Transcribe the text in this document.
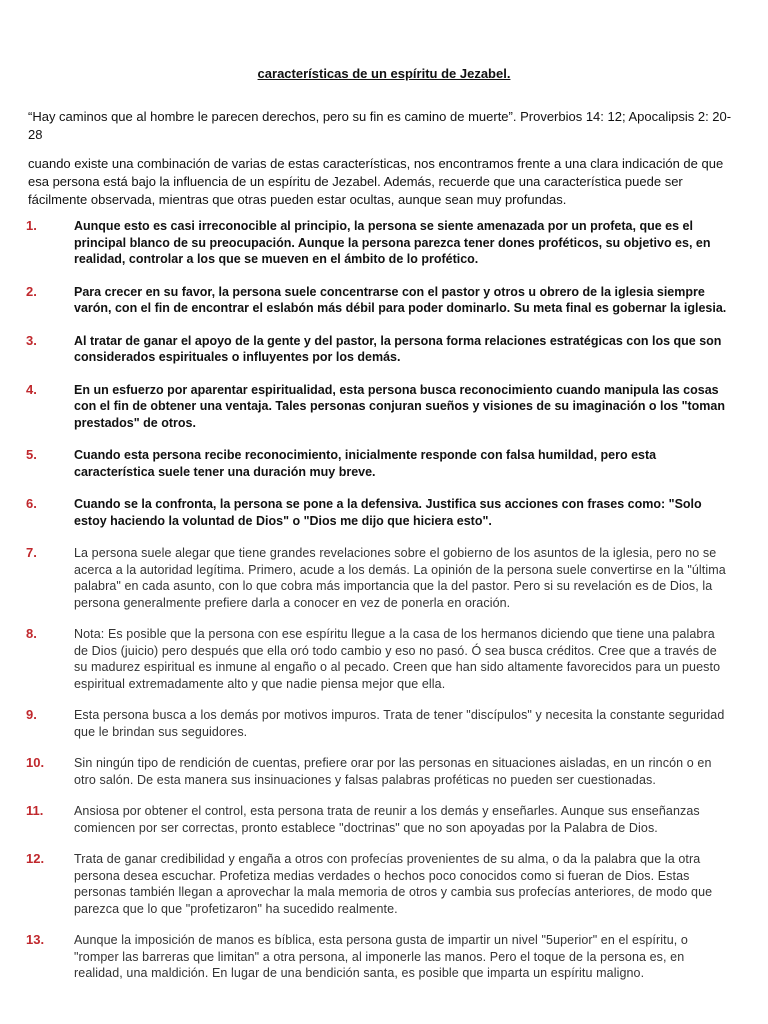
características de un espíritu de Jezabel.
“Hay caminos que al hombre le parecen derechos, pero su fin es camino de muerte”. Proverbios 14: 12; Apocalipsis 2: 20-28
cuando existe una combinación de varias de estas características, nos encontramos frente a una clara indicación de que esa persona está bajo la influencia de un espíritu de Jezabel. Además, recuerde que una característica puede ser fácilmente observada, mientras que otras pueden estar ocultas, aunque sean muy profundas.
1.	Aunque esto es casi irreconocible al principio, la persona se siente amenazada por un profeta, que es el principal blanco de su preocupación. Aunque la persona parezca tener dones proféticos, su objetivo es, en realidad, controlar a los que se mueven en el ámbito de lo profético.
2.	Para crecer en su favor, la persona suele concentrarse con el pastor y otros u obrero de la iglesia siempre varón, con el fin de encontrar el eslabón más débil para poder dominarlo. Su meta final es gobernar la iglesia.
3.	Al tratar de ganar el apoyo de la gente y del pastor, la persona forma relaciones estratégicas con los que son considerados espirituales o influyentes por los demás.
4.	En un esfuerzo por aparentar espiritualidad, esta persona busca reconocimiento cuando manipula las cosas con el fin de obtener una ventaja. Tales personas conjuran sueños y visiones de su imaginación o los "toman prestados" de otros.
5.	Cuando esta persona recibe reconocimiento, inicialmente responde con falsa humildad, pero esta característica suele tener una duración muy breve.
6.	Cuando se la confronta, la persona se pone a la defensiva. Justifica sus acciones con frases como: "Solo estoy haciendo la voluntad de Dios" o "Dios me dijo que hiciera esto".
7.	La persona suele alegar que tiene grandes revelaciones sobre el gobierno de los asuntos de la iglesia, pero no se acerca a la autoridad legítima. Primero, acude a los demás. La opinión de la persona suele convertirse en la "última palabra" en cada asunto, con lo que cobra más importancia que la del pastor. Pero si su revelación es de Dios, la persona generalmente prefiere darla a conocer en vez de ponerla en oración.
8.	Nota: Es posible que la persona con ese espíritu llegue a la casa de los hermanos diciendo que tiene una palabra de Dios (juicio) pero después que ella oró todo cambio y eso no pasó. Ó sea busca créditos. Cree que a través de su madurez espiritual es inmune al engaño o al pecado. Creen que han sido altamente favorecidos para un puesto espiritual extremadamente alto y que nadie piensa mejor que ella.
9.	Esta persona busca a los demás por motivos impuros. Trata de tener "discípulos" y necesita la constante seguridad que le brindan sus seguidores.
10.	Sin ningún tipo de rendición de cuentas, prefiere orar por las personas en situaciones aisladas, en un rincón o en otro salón. De esta manera sus insinuaciones y falsas palabras proféticas no pueden ser cuestionadas.
11.	Ansiosa por obtener el control, esta persona trata de reunir a los demás y enseñarles. Aunque sus enseñanzas comiencen por ser correctas, pronto establece "doctrinas" que no son apoyadas por la Palabra de Dios.
12.	Trata de ganar credibilidad y engaña a otros con profecías provenientes de su alma, o da la palabra que la otra persona desea escuchar. Profetiza medias verdades o hechos poco conocidos como si fueran de Dios. Estas personas también llegan a aprovechar la mala memoria de otros y cambia sus profecías anteriores, de modo que parezca que lo que "profetizaron" ha sucedido realmente.
13.	Aunque la imposición de manos es bíblica, esta persona gusta de impartir un nivel "5uperior" en el espíritu, o "romper las barreras que limitan" a otra persona, al imponerle las manos. Pero el toque de la persona es, en realidad, una maldición. En lugar de una bendición santa, es posible que imparta un espíritu maligno.
